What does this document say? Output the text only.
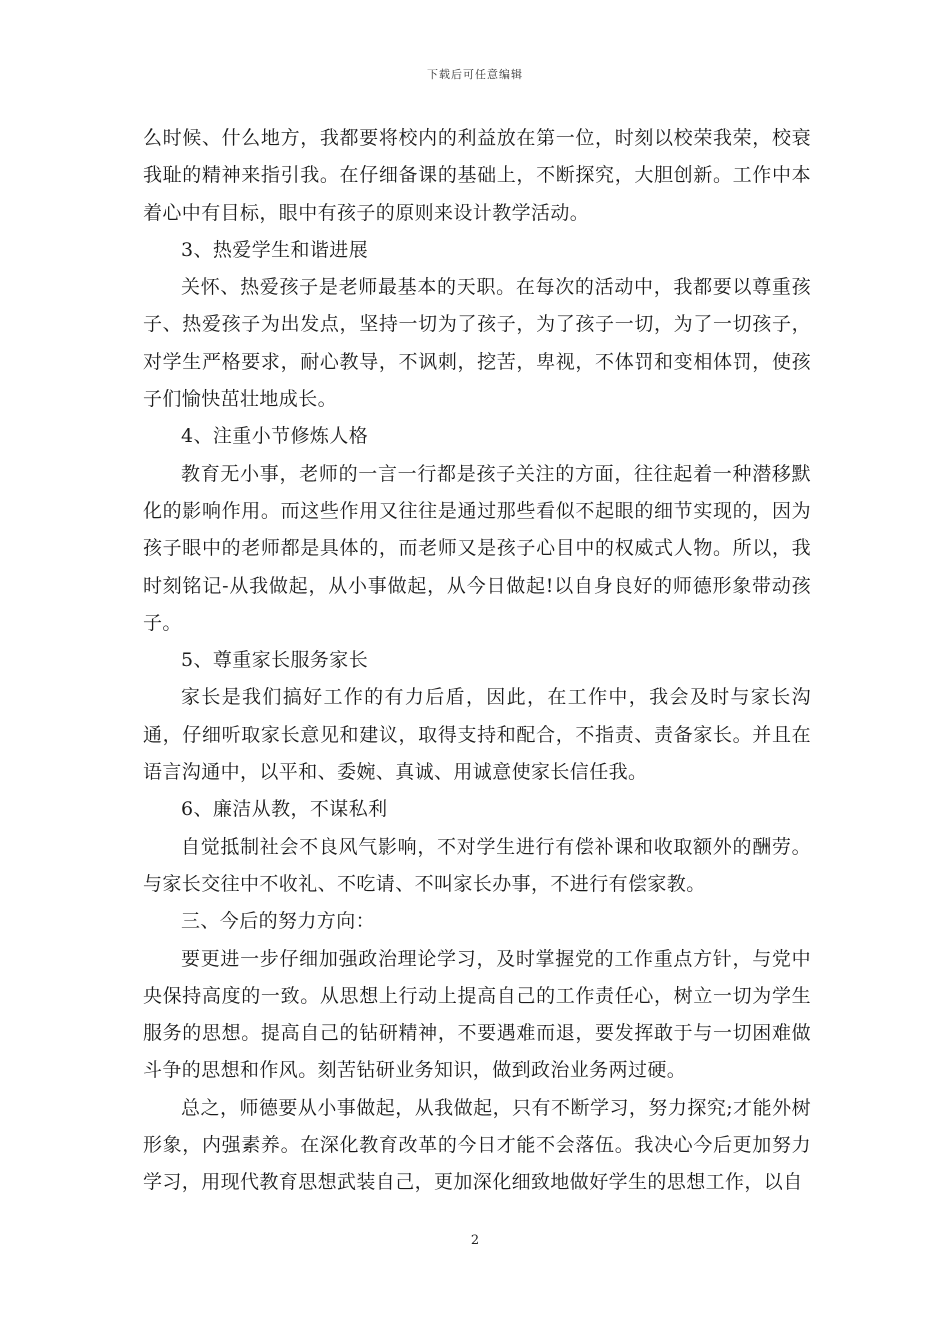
下载后可任意编辑

么时候、什么地方，我都要将校内的利益放在第一位，时刻以校荣我荣，校衰我耻的精神来指引我。在仔细备课的基础上，不断探究，大胆创新。工作中本着心中有目标，眼中有孩子的原则来设计教学活动。

3、热爱学生和谐进展

关怀、热爱孩子是老师最基本的天职。在每次的活动中，我都要以尊重孩子、热爱孩子为出发点，坚持一切为了孩子，为了孩子一切，为了一切孩子，对学生严格要求，耐心教导，不讽刺，挖苦，卑视，不体罚和变相体罚，使孩子们愉快茁壮地成长。

4、注重小节修炼人格

教育无小事，老师的一言一行都是孩子关注的方面，往往起着一种潜移默化的影响作用。而这些作用又往往是通过那些看似不起眼的细节实现的，因为孩子眼中的老师都是具体的，而老师又是孩子心目中的权威式人物。所以，我时刻铭记-从我做起，从小事做起，从今日做起!以自身良好的师德形象带动孩子。

5、尊重家长服务家长

家长是我们搞好工作的有力后盾，因此，在工作中，我会及时与家长沟通，仔细听取家长意见和建议，取得支持和配合，不指责、责备家长。并且在语言沟通中，以平和、委婉、真诚、用诚意使家长信任我。

6、廉洁从教，不谋私利

自觉抵制社会不良风气影响，不对学生进行有偿补课和收取额外的酬劳。与家长交往中不收礼、不吃请、不叫家长办事，不进行有偿家教。

三、今后的努力方向：

要更进一步仔细加强政治理论学习，及时掌握党的工作重点方针，与党中央保持高度的一致。从思想上行动上提高自己的工作责任心，树立一切为学生服务的思想。提高自己的钻研精神，不要遇难而退，要发挥敢于与一切困难做斗争的思想和作风。刻苦钻研业务知识，做到政治业务两过硬。

总之，师德要从小事做起，从我做起，只有不断学习，努力探究;才能外树形象，内强素养。在深化教育改革的今日才能不会落伍。我决心今后更加努力学习，用现代教育思想武装自己，更加深化细致地做好学生的思想工作，以自

2
